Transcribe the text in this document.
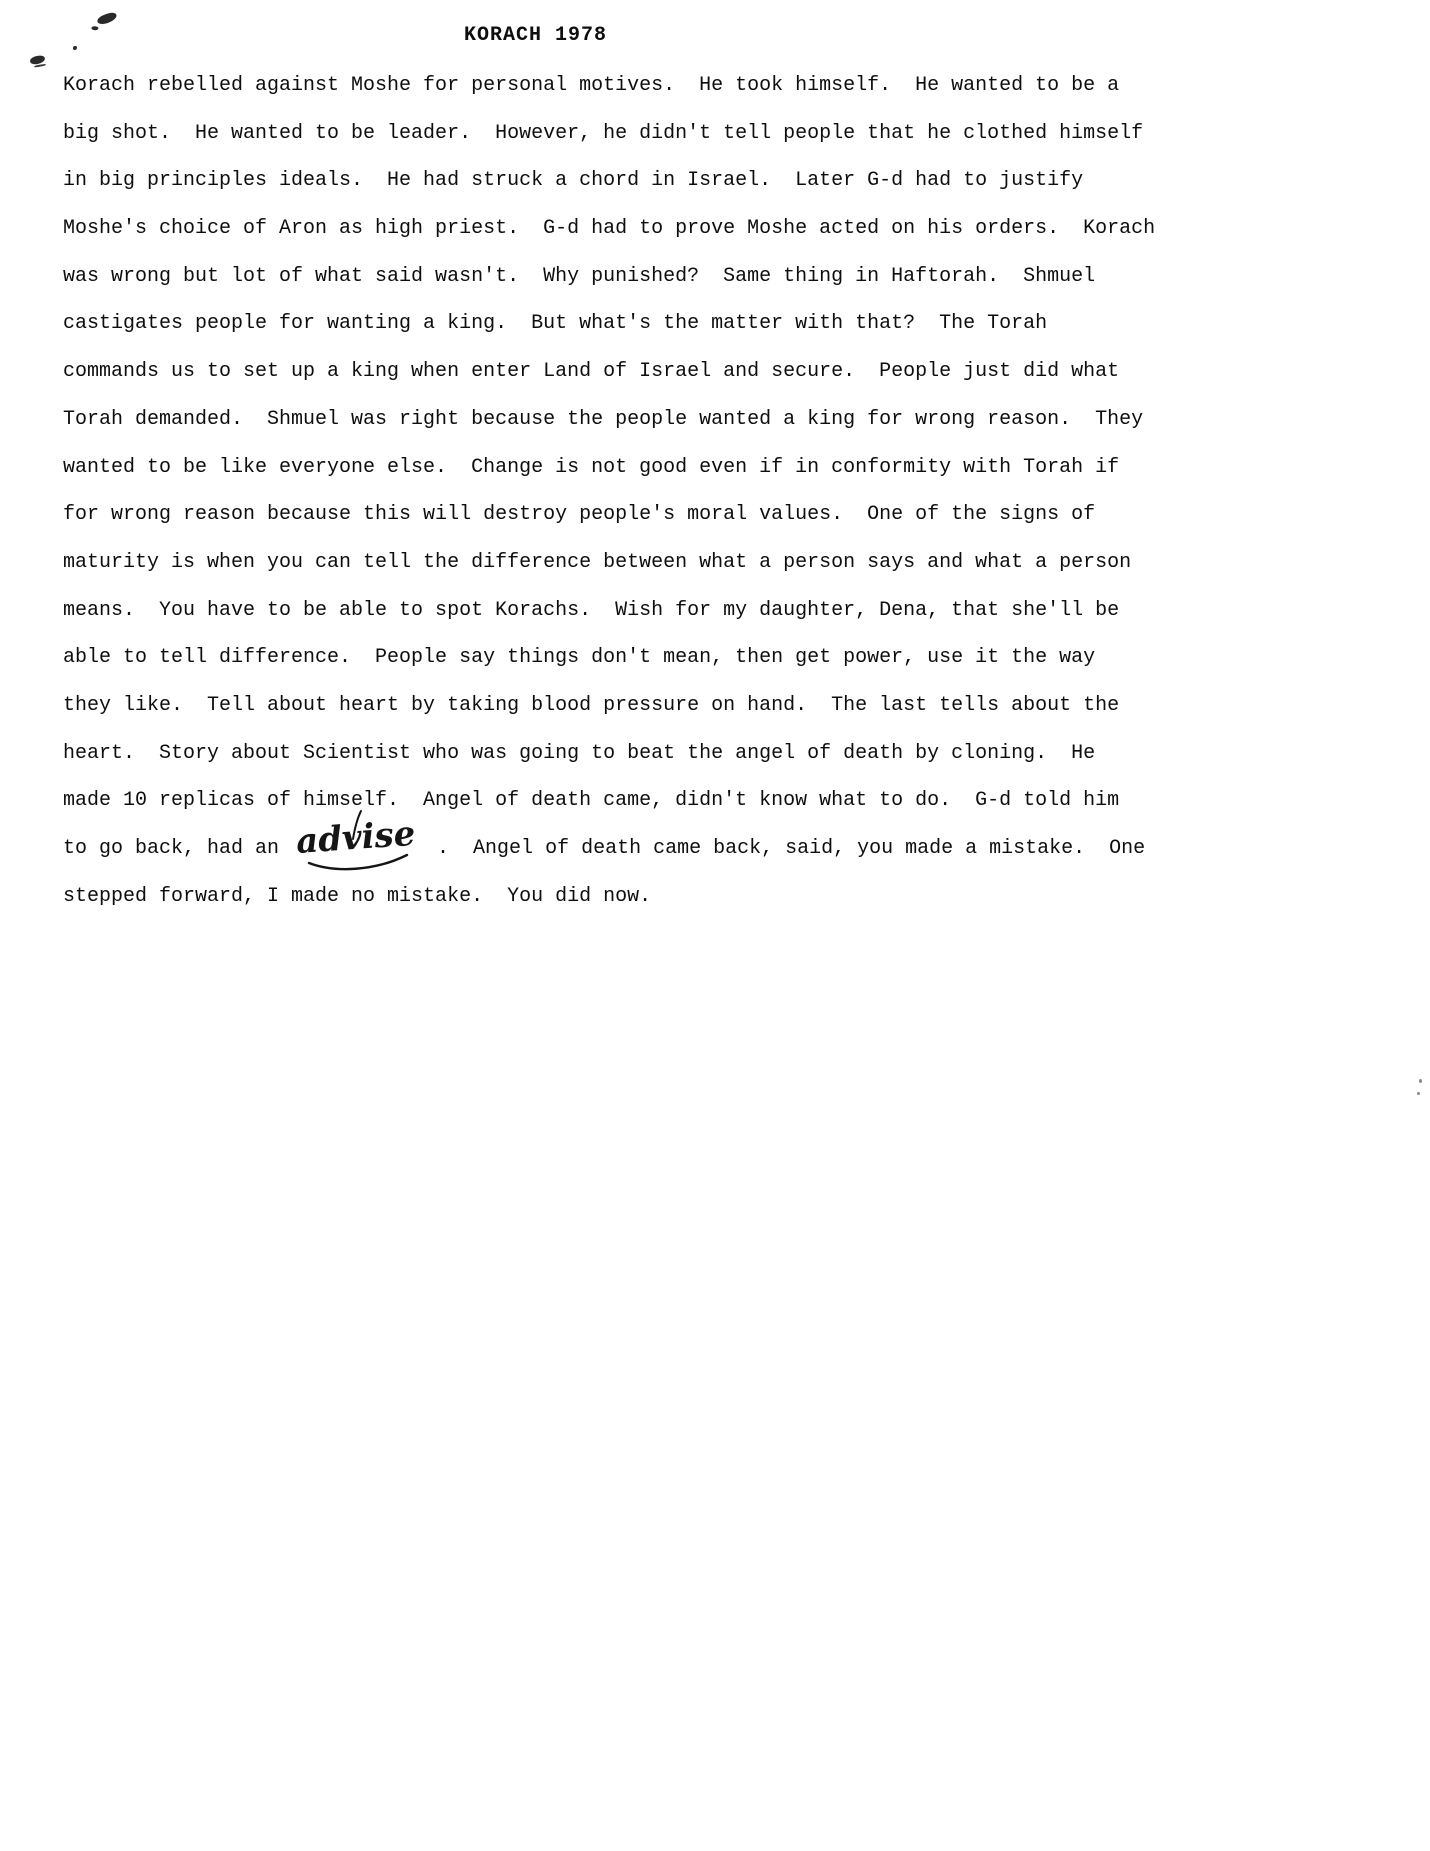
KORACH 1978
Korach rebelled against Moshe for personal motives.  He took himself.  He wanted to be a
big shot.  He wanted to be leader.  However, he didn't tell people that he clothed himself
in big principles ideals.  He had struck a chord in Israel.  Later G-d had to justify
Moshe's choice of Aron as high priest.  G-d had to prove Moshe acted on his orders.  Korach
was wrong but lot of what said wasn't.  Why punished?  Same thing in Haftorah.  Shmuel
castigates people for wanting a king.  But what's the matter with that?  The Torah
commands us to set up a king when enter Land of Israel and secure.  People just did what
Torah demanded.  Shmuel was right because the people wanted a king for wrong reason.  They
wanted to be like everyone else.  Change is not good even if in conformity with Torah if
for wrong reason because this will destroy people's moral values.  One of the signs of
maturity is when you can tell the difference between what a person says and what a person
means.  You have to be able to spot Korachs.  Wish for my daughter, Dena, that she'll be
able to tell difference.  People say things don't mean, then get power, use it the way
they like.  Tell about heart by taking blood pressure on hand.  The last tells about the
heart.  Story about Scientist who was going to beat the angel of death by cloning.  He
made 10 replicas of himself.  Angel of death came, didn't know what to do.  G-d told him
to go back, had an

advise

.  Angel of death came back, said, you made a mistake.  One
stepped forward, I made no mistake.  You did now.
